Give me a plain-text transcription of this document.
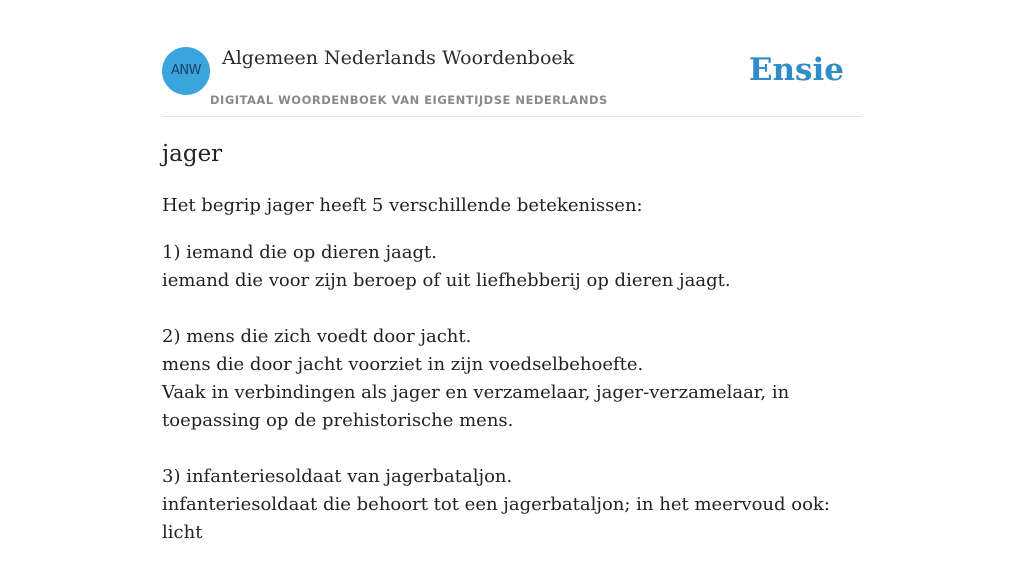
ANW
Algemeen Nederlands Woordenboek
DIGITAAL WOORDENBOEK VAN EIGENTIJDSE NEDERLANDS
Ensie
jager

Het begrip jager heeft 5 verschillende betekenissen:

1) iemand die op dieren jaagt.
iemand die voor zijn beroep of uit liefhebberij op dieren jaagt.
2) mens die zich voedt door jacht.
mens die door jacht voorziet in zijn voedselbehoefte.
Vaak in verbindingen als jager en verzamelaar, jager-verzamelaar, in toepassing op de prehistorische mens.
3) infanteriesoldaat van jagerbataljon.
infanteriesoldaat die behoort tot een jagerbataljon; in het meervoud ook: licht
